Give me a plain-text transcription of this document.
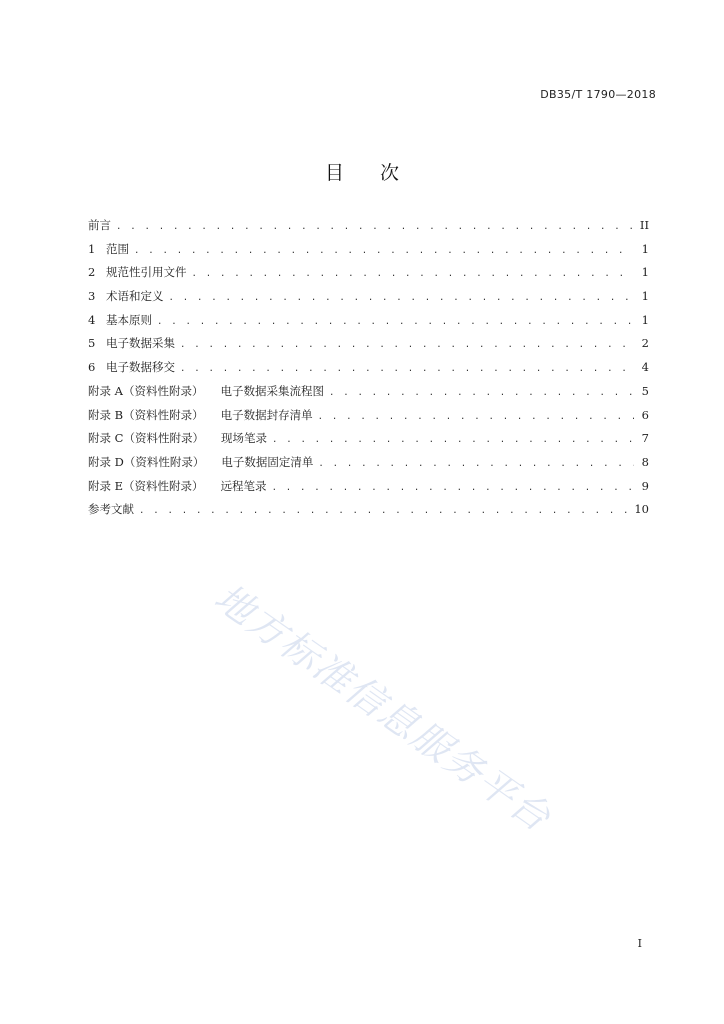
DB35/T 1790—2018
目 次
前言 . . .	II
1 范围 . . .	1
2 规范性引用文件 . . .	1
3 术语和定义 . . .	1
4 基本原则 . . .	1
5 电子数据采集 . . .	2
6 电子数据移交 . . .	4
附录 A（资料性附录） 电子数据采集流程图 . . .	5
附录 B（资料性附录） 电子数据封存清单 . . .	6
附录 C（资料性附录） 现场笔录 . . .	7
附录 D（资料性附录） 电子数据固定清单 . . .	8
附录 E（资料性附录） 远程笔录 . . .	9
参考文献 . . .	10
地方标准信息服务平台
I
